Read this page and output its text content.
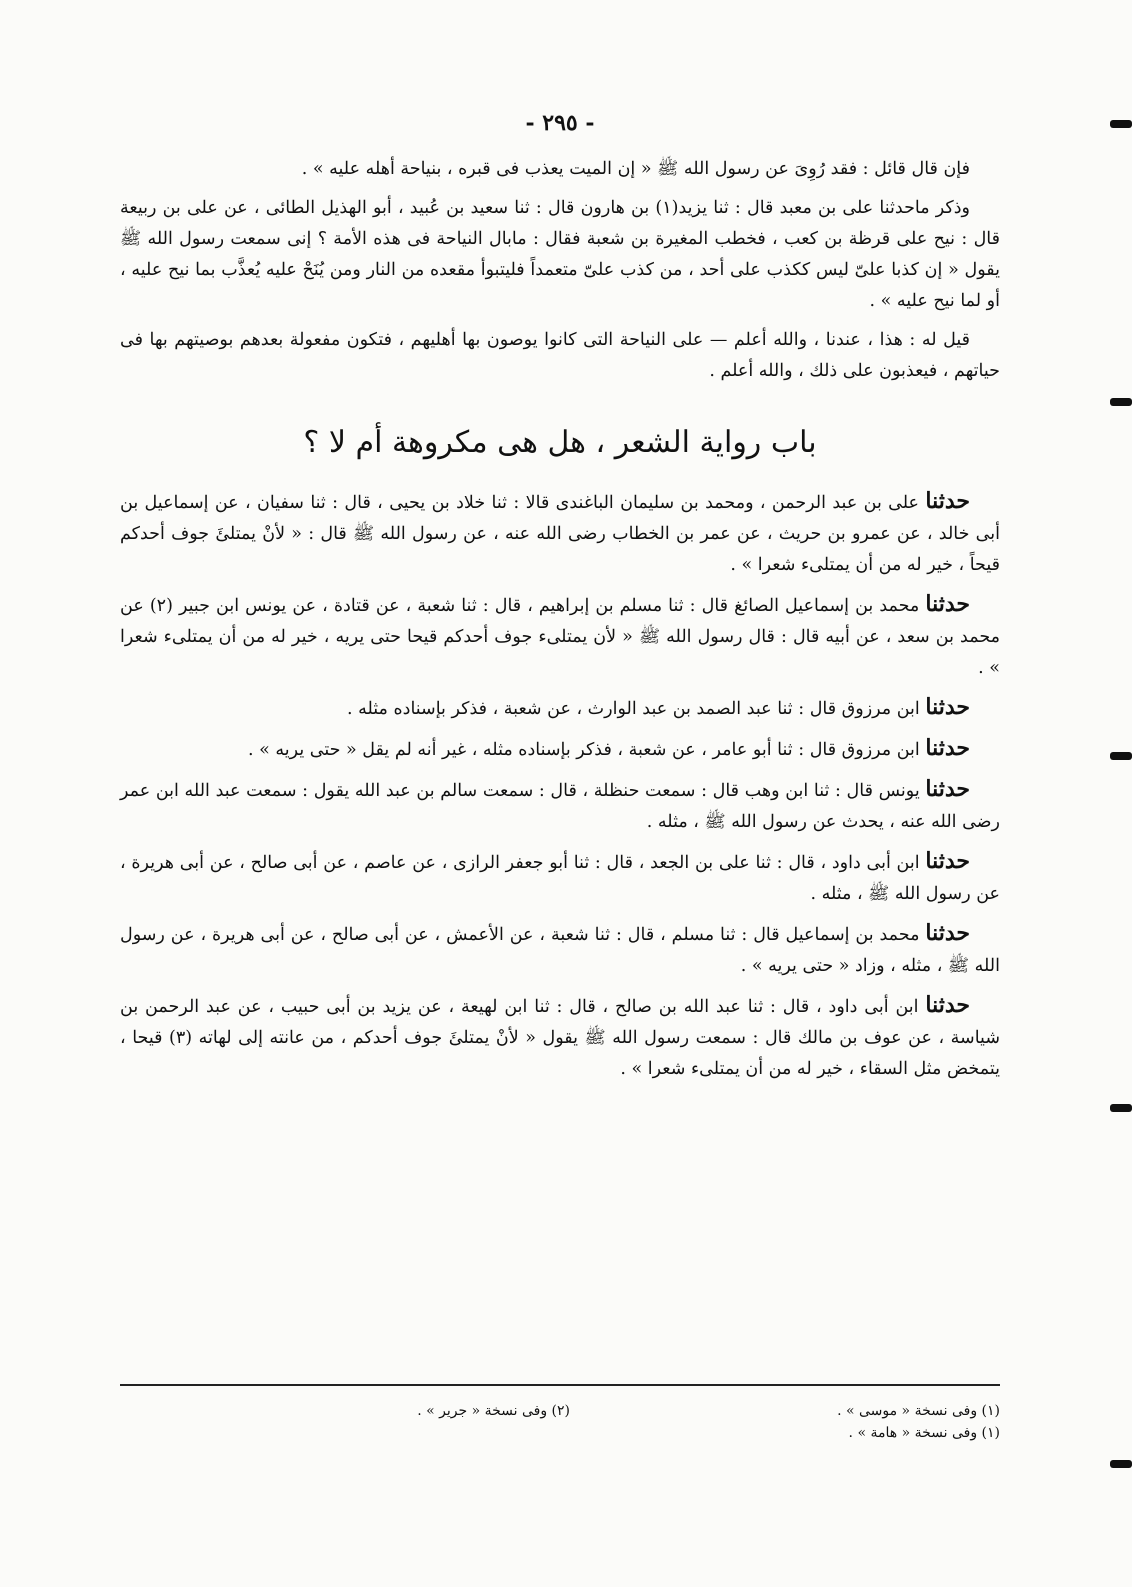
- ٢٩٥ -

فإن قال قائل : فقد رُوِىَ عن رسول الله ﷺ « إن الميت يعذب فى قبره ، بنياحة أهله عليه » .

وذكر ماحدثنا على بن معبد قال : ثنا يزيد(١) بن هارون قال : ثنا سعيد بن عُبيد ، أبو الهذيل الطائى ، عن على بن ربيعة قال : نيح على قرظة بن كعب ، فخطب المغيرة بن شعبة فقال : مابال النياحة فى هذه الأمة ؟ إنى سمعت رسول الله ﷺ يقول « إن كذبا علىّ ليس ككذب على أحد ، من كذب علىّ متعمداً فليتبوأ مقعده من النار ومن يُنَحْ عليه يُعذَّب بما نيح عليه ، أو لما نيح عليه » .

قيل له : هذا ، عندنا ، والله أعلم — على النياحة التى كانوا يوصون بها أهليهم ، فتكون مفعولة بعدهم بوصيتهم بها فى حياتهم ، فيعذبون على ذلك ، والله أعلم .

باب رواية الشعر ، هل هى مكروهة أم لا ؟

حدثنا على بن عبد الرحمن ، ومحمد بن سليمان الباغندى قالا : ثنا خلاد بن يحيى ، قال : ثنا سفيان ، عن إسماعيل بن أبى خالد ، عن عمرو بن حريث ، عن عمر بن الخطاب رضى الله عنه ، عن رسول الله ﷺ قال : « لأنْ يمتلئَ جوف أحدكم قيحاً ، خير له من أن يمتلىء شعرا » .

حدثنا محمد بن إسماعيل الصائغ قال : ثنا مسلم بن إبراهيم ، قال : ثنا شعبة ، عن قتادة ، عن يونس ابن جبير (٢) عن محمد بن سعد ، عن أبيه قال : قال رسول الله ﷺ « لأن يمتلىء جوف أحدكم قيحا حتى يريه ، خير له من أن يمتلىء شعرا » .

حدثنا ابن مرزوق قال : ثنا عبد الصمد بن عبد الوارث ، عن شعبة ، فذكر بإسناده مثله .

حدثنا ابن مرزوق قال : ثنا أبو عامر ، عن شعبة ، فذكر بإسناده مثله ، غير أنه لم يقل « حتى يريه » .

حدثنا يونس قال : ثنا ابن وهب قال : سمعت حنظلة ، قال : سمعت سالم بن عبد الله يقول : سمعت عبد الله ابن عمر رضى الله عنه ، يحدث عن رسول الله ﷺ ، مثله .

حدثنا ابن أبى داود ، قال : ثنا على بن الجعد ، قال : ثنا أبو جعفر الرازى ، عن عاصم ، عن أبى صالح ، عن أبى هريرة ، عن رسول الله ﷺ ، مثله .

حدثنا محمد بن إسماعيل قال : ثنا مسلم ، قال : ثنا شعبة ، عن الأعمش ، عن أبى صالح ، عن أبى هريرة ، عن رسول الله ﷺ ، مثله ، وزاد « حتى يريه » .

حدثنا ابن أبى داود ، قال : ثنا عبد الله بن صالح ، قال : ثنا ابن لهيعة ، عن يزيد بن أبى حبيب ، عن عبد الرحمن بن شياسة ، عن عوف بن مالك قال : سمعت رسول الله ﷺ يقول « لأنْ يمتلئَ جوف أحدكم ، من عانته إلى لهاته (٣) قيحا ، يتمخض مثل السقاء ، خير له من أن يمتلىء شعرا » .

(١) وفى نسخة « موسى » .
(١) وفى نسخة « هامة » .
(٢) وفى نسخة « جرير » .
